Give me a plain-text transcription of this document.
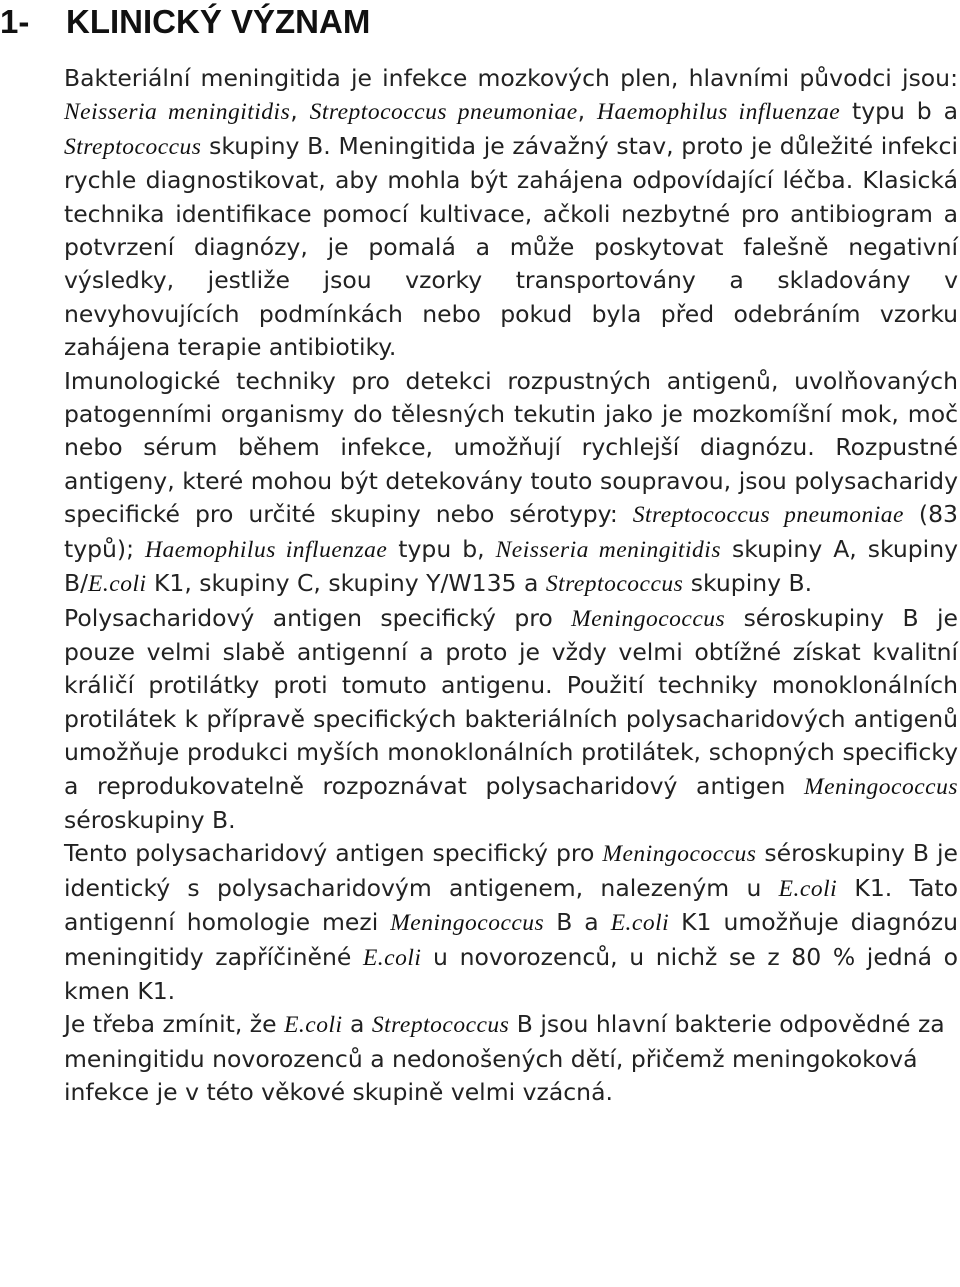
1- KLINICKÝ VÝZNAM

Bakteriální meningitida je infekce mozkových plen, hlavními původci jsou: Neisseria meningitidis, Streptococcus pneumoniae, Haemophilus influenzae typu b a Streptococcus skupiny B. Meningitida je závažný stav, proto je důležité infekci rychle diagnostikovat, aby mohla být zahájena odpovídající léčba. Klasická technika identifikace pomocí kultivace, ačkoli nezbytné pro antibiogram a potvrzení diagnózy, je pomalá a může poskytovat falešně negativní výsledky, jestliže jsou vzorky transportovány a skladovány v nevyhovujících podmínkách nebo pokud byla před odebráním vzorku zahájena terapie antibiotiky.

Imunologické techniky pro detekci rozpustných antigenů, uvolňovaných patogenními organismy do tělesných tekutin jako je mozkomíšní mok, moč nebo sérum během infekce, umožňují rychlejší diagnózu. Rozpustné antigeny, které mohou být detekovány touto soupravou, jsou polysacharidy specifické pro určité skupiny nebo sérotypy: Streptococcus pneumoniae (83 typů); Haemophilus influenzae typu b, Neisseria meningitidis skupiny A, skupiny B/E.coli K1, skupiny C, skupiny Y/W135 a Streptococcus skupiny B.

Polysacharidový antigen specifický pro Meningococcus séroskupiny B je pouze velmi slabě antigenní a proto je vždy velmi obtížné získat kvalitní králičí protilátky proti tomuto antigenu. Použití techniky monoklonálních protilátek k přípravě specifických bakteriálních polysacharidových antigenů umožňuje produkci myších monoklonálních protilátek, schopných specificky a reprodukovatelně rozpoznávat polysacharidový antigen Meningococcus séroskupiny B.

Tento polysacharidový antigen specifický pro Meningococcus séroskupiny B je identický s polysacharidovým antigenem, nalezeným u E.coli K1. Tato antigenní homologie mezi Meningococcus B a E.coli K1 umožňuje diagnózu meningitidy zapříčiněné E.coli u novorozenců, u nichž se z 80 % jedná o kmen K1.

Je třeba zmínit, že E.coli a Streptococcus B jsou hlavní bakterie odpovědné za meningitidu novorozenců a nedonošených dětí, přičemž meningokoková infekce je v této věkové skupině velmi vzácná.
